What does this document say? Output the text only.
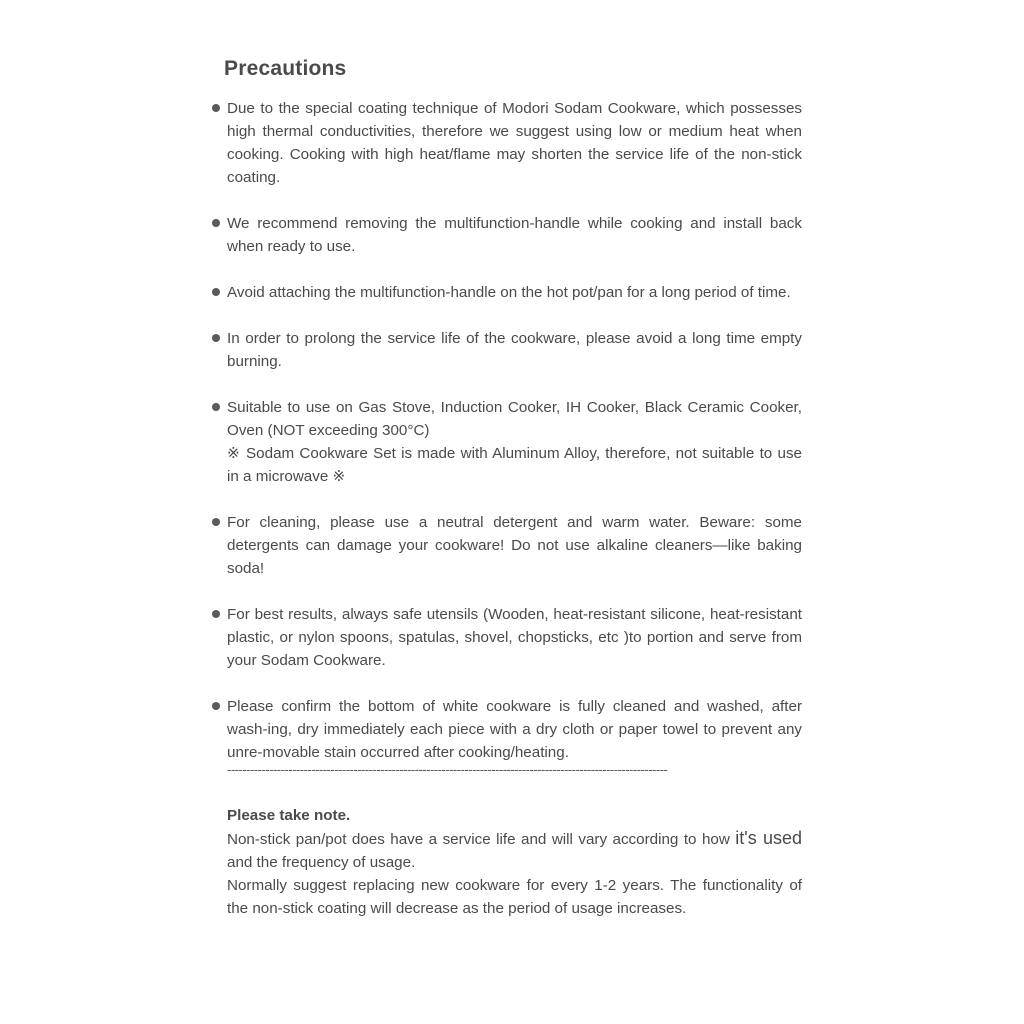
Precautions
Due to the special coating technique of Modori Sodam Cookware, which possesses high thermal conductivities, therefore we suggest using low or medium heat when cooking. Cooking with high heat/flame may shorten the service life of the non-stick coating.
We recommend removing the multifunction-handle while cooking and install back when ready to use.
Avoid attaching the multifunction-handle on the hot pot/pan for a long period of time.
In order to prolong the service life of the cookware, please avoid a long time empty burning.
Suitable to use on Gas Stove, Induction Cooker, IH Cooker, Black Ceramic Cooker, Oven (NOT exceeding 300°C)
※ Sodam Cookware Set is made with Aluminum Alloy, therefore, not suitable to use in a microwave ※
For cleaning, please use a neutral detergent and warm water. Beware: some detergents can damage your cookware! Do not use alkaline cleaners—like baking soda!
For best results, always safe utensils (Wooden, heat-resistant silicone, heat-resistant plastic, or nylon spoons, spatulas, shovel, chopsticks, etc )to portion and serve from your Sodam Cookware.
Please confirm the bottom of white cookware is fully cleaned and washed, after wash-ing, dry immediately each piece with a dry cloth or paper towel to prevent any unre-movable stain occurred after cooking/heating.
-------------------------------------------------------------------------------------------------------------------
Please take note.
Non-stick pan/pot does have a service life and will vary according to how it's used and the frequency of usage.
Normally suggest replacing new cookware for every 1-2 years. The functionality of the non-stick coating will decrease as the period of usage increases.
